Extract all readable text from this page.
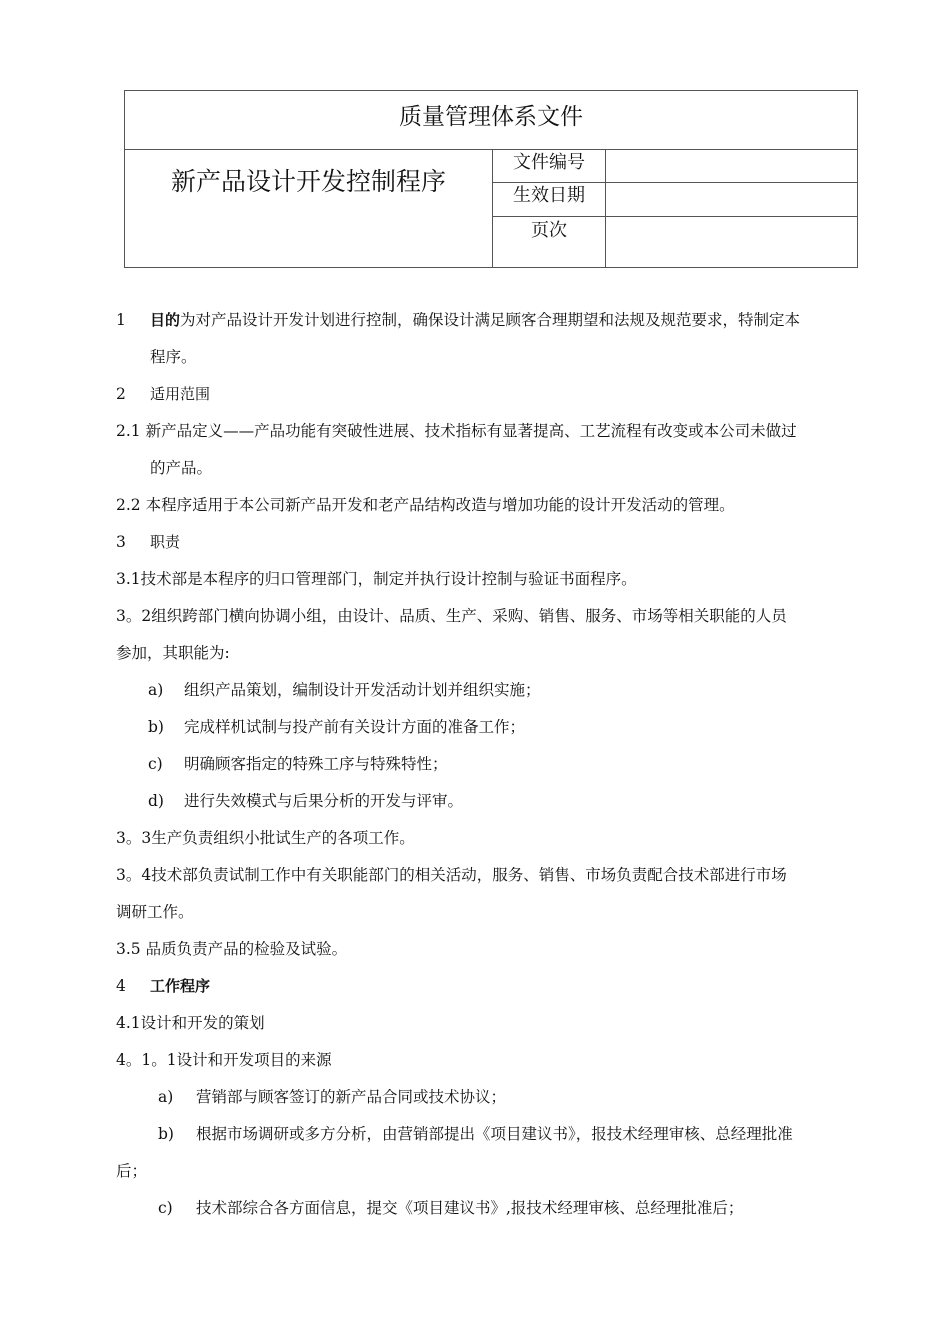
质量管理体系文件
新产品设计开发控制程序
文件编号
生效日期
页次

1 目的为对产品设计开发计划进行控制，确保设计满足顾客合理期望和法规及规范要求，特制定本

程序。

2 适用范围

2.1 新产品定义——产品功能有突破性进展、技术指标有显著提高、工艺流程有改变或本公司未做过

的产品。

2.2 本程序适用于本公司新产品开发和老产品结构改造与增加功能的设计开发活动的管理。

3 职责

3.1技术部是本程序的归口管理部门，制定并执行设计控制与验证书面程序。

3。2组织跨部门横向协调小组，由设计、品质、生产、采购、销售、服务、市场等相关职能的人员

参加，其职能为:

a) 组织产品策划，编制设计开发活动计划并组织实施；

b) 完成样机试制与投产前有关设计方面的准备工作；

c) 明确顾客指定的特殊工序与特殊特性；

d) 进行失效模式与后果分析的开发与评审。

3。3生产负责组织小批试生产的各项工作。

3。4技术部负责试制工作中有关职能部门的相关活动，服务、销售、市场负责配合技术部进行市场

调研工作。

3.5 品质负责产品的检验及试验。

4 工作程序

4.1设计和开发的策划

4。1。1设计和开发项目的来源

a) 营销部与顾客签订的新产品合同或技术协议；

b) 根据市场调研或多方分析，由营销部提出《项目建议书》，报技术经理审核、总经理批准

后；

c) 技术部综合各方面信息，提交《项目建议书》,报技术经理审核、总经理批准后；
